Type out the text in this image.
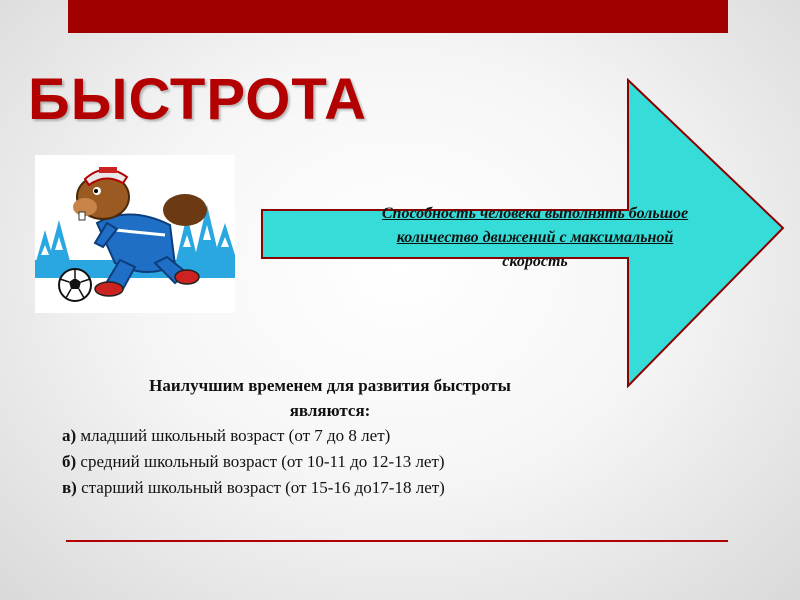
БЫСТРОТА
Способность человека выполнять большое
количество движений с максимальной
скорость
Наилучшим временем для развития быстроты
являются:
а) младший школьный возраст (от 7 до 8 лет)
б) средний школьный возраст (от 10-11 до 12-13 лет)
в) старший школьный возраст (от 15-16 до17-18 лет)
